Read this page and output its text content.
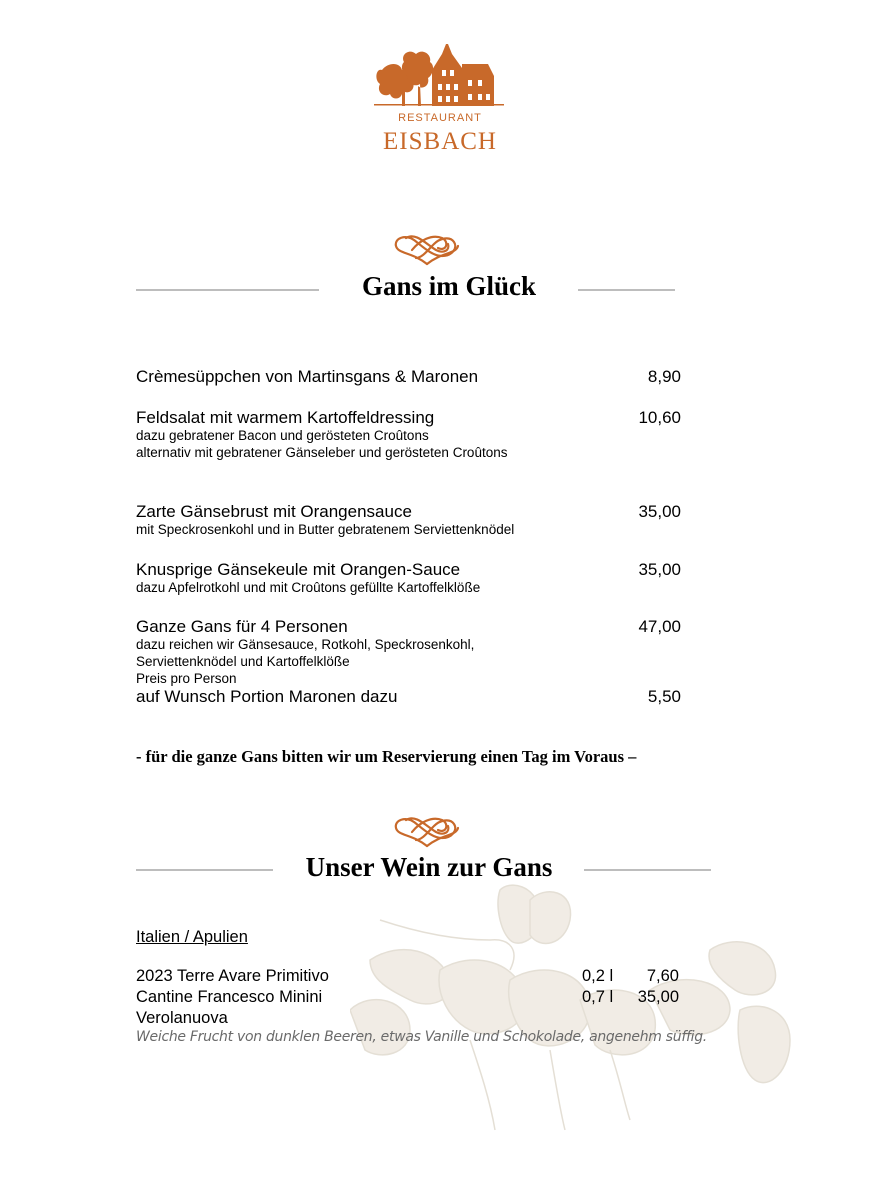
RESTAURANT
EISBACH
Gans im Glück
Crèmesüppchen von Martinsgans & Maronen	8,90
Feldsalat mit warmem Kartoffeldressing
dazu gebratener Bacon und gerösteten Croûtons
alternativ mit gebratener Gänseleber und gerösteten Croûtons
10,60
Zarte Gänsebrust mit Orangensauce
mit Speckrosenkohl und in Butter gebratenem Serviettenknödel
35,00
Knusprige Gänsekeule mit Orangen-Sauce
dazu Apfelrotkohl und mit Croûtons gefüllte Kartoffelklöße
35,00
Ganze Gans für 4 Personen
dazu reichen wir Gänsesauce, Rotkohl, Speckrosenkohl,
Serviettenknödel und Kartoffelklöße
Preis pro Person
47,00
auf Wunsch Portion Maronen dazu	5,50
- für die ganze Gans bitten wir um Reservierung einen Tag im Voraus –
Unser Wein zur Gans
Italien / Apulien
2023 Terre Avare Primitivo
Cantine Francesco Minini
Verolanuova
0,2 l
0,7 l
7,60
35,00
Weiche Frucht von dunklen Beeren, etwas Vanille und Schokolade, angenehm süffig.
